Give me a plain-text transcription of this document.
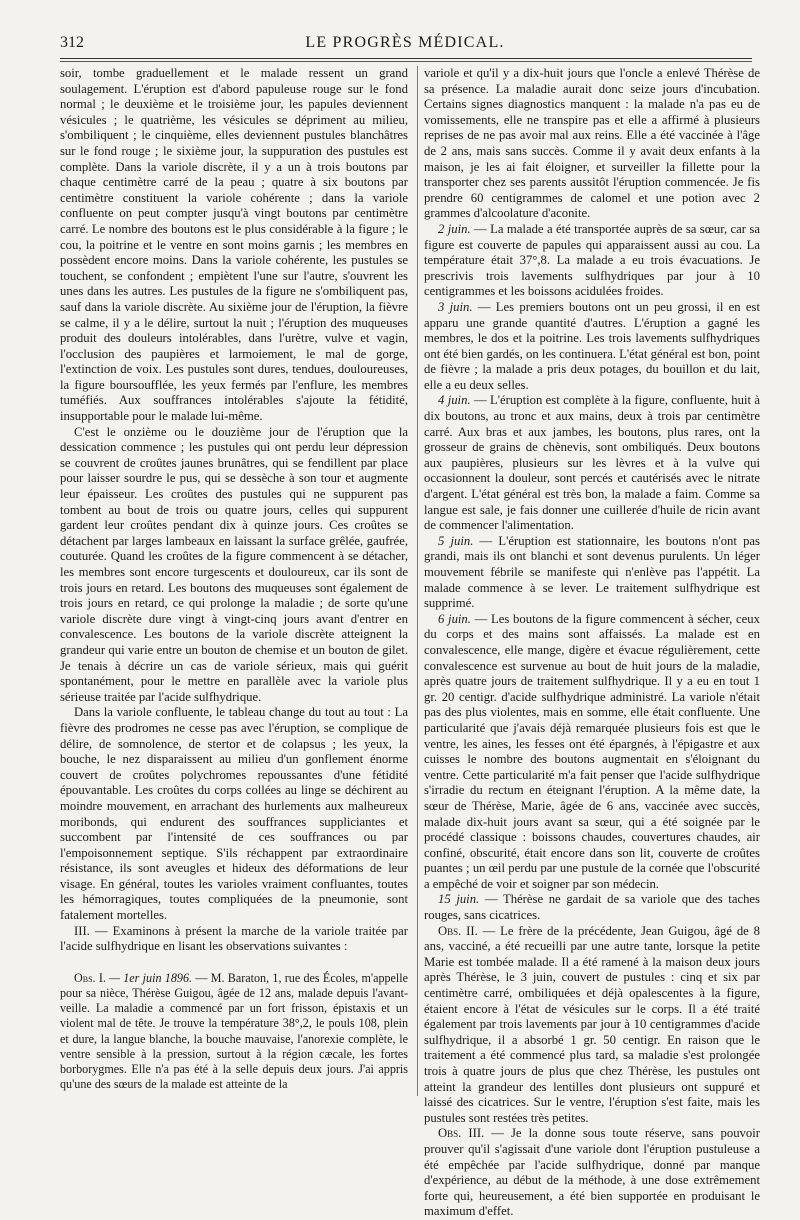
312	LE PROGRÈS MÉDICAL.

soir, tombe graduellement et le malade ressent un grand soulagement. L'éruption est d'abord papuleuse rouge sur le fond normal ; le deuxième et le troisième jour, les papules deviennent vésicules ; le quatrième, les vésicules se dépriment au milieu, s'ombiliquent ; le cinquième, elles deviennent pustules blanchâtres sur le fond rouge ; le sixième jour, la suppuration des pustules est complète. Dans la variole discrète, il y a un à trois boutons par chaque centimètre carré de la peau ; quatre à six boutons par centimètre constituent la variole cohérente ; dans la variole confluente on peut compter jusqu'à vingt boutons par centimètre carré. Le nombre des boutons est le plus considérable à la figure ; le cou, la poitrine et le ventre en sont moins garnis ; les membres en possèdent encore moins. Dans la variole cohérente, les pustules se touchent, se confondent ; empiètent l'une sur l'autre, s'ouvrent les unes dans les autres. Les pustules de la figure ne s'ombiliquent pas, sauf dans la variole discrète. Au sixième jour de l'éruption, la fièvre se calme, il y a le délire, surtout la nuit ; l'éruption des muqueuses produit des douleurs intolérables, dans l'urètre, vulve et vagin, l'occlusion des paupières et larmoiement, le mal de gorge, l'extinction de voix. Les pustules sont dures, tendues, douloureuses, la figure boursoufflée, les yeux fermés par l'enflure, les membres tuméfiés. Aux souffrances intolérables s'ajoute la fétidité, insupportable pour le malade lui-même.

C'est le onzième ou le douzième jour de l'éruption que la dessication commence ; les pustules qui ont perdu leur dépression se couvrent de croûtes jaunes brunâtres, qui se fendillent par place pour laisser sourdre le pus, qui se dessèche à son tour et augmente leur épaisseur. Les croûtes des pustules qui ne suppurent pas tombent au bout de trois ou quatre jours, celles qui suppurent gardent leur croûtes pendant dix à quinze jours. Ces croûtes se détachent par larges lambeaux en laissant la surface grêlée, gaufrée, couturée. Quand les croûtes de la figure commencent à se détacher, les membres sont encore turgescents et douloureux, car ils sont de trois jours en retard. Les boutons des muqueuses sont également de trois jours en retard, ce qui prolonge la maladie ; de sorte qu'une variole discrète dure vingt à vingt-cinq jours avant d'entrer en convalescence. Les boutons de la variole discrète atteignent la grandeur qui varie entre un bouton de chemise et un bouton de gilet. Je tenais à décrire un cas de variole sérieux, mais qui guérit spontanément, pour le mettre en parallèle avec la variole plus sérieuse traitée par l'acide sulfhydrique.

Dans la variole confluente, le tableau change du tout au tout : La fièvre des prodromes ne cesse pas avec l'éruption, se complique de délire, de somnolence, de stertor et de colapsus ; les yeux, la bouche, le nez disparaissent au milieu d'un gonflement énorme couvert de croûtes polychromes repoussantes d'une fétidité épouvantable. Les croûtes du corps collées au linge se déchirent au moindre mouvement, en arrachant des hurlements aux malheureux moribonds, qui endurent des souffrances suppliciantes et succombent par l'intensité de ces souffrances ou par l'empoisonnement septique. S'ils réchappent par extraordinaire résistance, ils sont aveugles et hideux des déformations de leur visage. En général, toutes les varioles vraiment confluantes, toutes les hémorragiques, toutes compliquées de la pneumonie, sont fatalement mortelles.

III. — Examinons à présent la marche de la variole traitée par l'acide sulfhydrique en lisant les observations suivantes :

Obs. I. — 1er juin 1896. — M. Baraton, 1, rue des Écoles, m'appelle pour sa nièce, Thérèse Guigou, âgée de 12 ans, malade depuis l'avant-veille. La maladie a commencé par un fort frisson, épistaxis et un violent mal de tête. Je trouve la température 38°,2, le pouls 108, plein et dure, la langue blanche, la bouche mauvaise, l'anorexie complète, le ventre sensible à la pression, surtout à la région cæcale, les fortes borborygmes. Elle n'a pas été à la selle depuis deux jours. J'ai appris qu'une des sœurs de la malade est atteinte de la

variole et qu'il y a dix-huit jours que l'oncle a enlevé Thérèse de sa présence. La maladie aurait donc seize jours d'incubation. Certains signes diagnostics manquent : la malade n'a pas eu de vomissements, elle ne transpire pas et elle a affirmé à plusieurs reprises de ne pas avoir mal aux reins. Elle a été vaccinée à l'âge de 2 ans, mais sans succès. Comme il y avait deux enfants à la maison, je les ai fait éloigner, et surveiller la fillette pour la transporter chez ses parents aussitôt l'éruption commencée. Je fis prendre 60 centigrammes de calomel et une potion avec 2 grammes d'alcoolature d'aconite.

2 juin. — La malade a été transportée auprès de sa sœur, car sa figure est couverte de papules qui apparaissent aussi au cou. La température était 37°,8. La malade a eu trois évacuations. Je prescrivis trois lavements sulfhydriques par jour à 10 centigrammes et les boissons acidulées froides.

3 juin. — Les premiers boutons ont un peu grossi, il en est apparu une grande quantité d'autres. L'éruption a gagné les membres, le dos et la poitrine. Les trois lavements sulfhydriques ont été bien gardés, on les continuera. L'état général est bon, point de fièvre ; la malade a pris deux potages, du bouillon et du lait, elle a eu deux selles.

4 juin. — L'éruption est complète à la figure, confluente, huit à dix boutons, au tronc et aux mains, deux à trois par centimètre carré. Aux bras et aux jambes, les boutons, plus rares, ont la grosseur de grains de chènevis, sont ombiliqués. Deux boutons aux paupières, plusieurs sur les lèvres et à la vulve qui occasionnent la douleur, sont percés et cautérisés avec le nitrate d'argent. L'état général est très bon, la malade a faim. Comme sa langue est sale, je fais donner une cuillerée d'huile de ricin avant de commencer l'alimentation.

5 juin. — L'éruption est stationnaire, les boutons n'ont pas grandi, mais ils ont blanchi et sont devenus purulents. Un léger mouvement fébrile se manifeste qui n'enlève pas l'appétit. La malade commence à se lever. Le traitement sulfhydrique est supprimé.

6 juin. — Les boutons de la figure commencent à sécher, ceux du corps et des mains sont affaissés. La malade est en convalescence, elle mange, digère et évacue régulièrement, cette convalescence est survenue au bout de huit jours de la maladie, après quatre jours de traitement sulfhydrique. Il y a eu en tout 1 gr. 20 centigr. d'acide sulfhydrique administré. La variole n'était pas des plus violentes, mais en somme, elle était confluente. Une particularité que j'avais déjà remarquée plusieurs fois est que le ventre, les aines, les fesses ont été épargnés, à l'épigastre et aux cuisses le nombre des boutons augmentait en s'éloignant du ventre. Cette particularité m'a fait penser que l'acide sulfhydrique s'irradie du rectum en éteignant l'éruption. A la même date, la sœur de Thérèse, Marie, âgée de 6 ans, vaccinée avec succès, malade dix-huit jours avant sa sœur, qui a été soignée par le procédé classique : boissons chaudes, couvertures chaudes, air confiné, obscurité, était encore dans son lit, couverte de croûtes puantes ; un œil perdu par une pustule de la cornée que l'obscurité a empêché de voir et soigner par son médecin.

15 juin. — Thérèse ne gardait de sa variole que des taches rouges, sans cicatrices.

Obs. II. — Le frère de la précédente, Jean Guigou, âgé de 8 ans, vacciné, a été recueilli par une autre tante, lorsque la petite Marie est tombée malade. Il a été ramené à la maison deux jours après Thérèse, le 3 juin, couvert de pustules : cinq et six par centimètre carré, ombiliquées et déjà opalescentes à la figure, étaient encore à l'état de vésicules sur le corps. Il a été traité également par trois lavements par jour à 10 centigrammes d'acide sulfhydrique, il a absorbé 1 gr. 50 centigr. En raison que le traitement a été commencé plus tard, sa maladie s'est prolongée trois à quatre jours de plus que chez Thérèse, les pustules ont atteint la grandeur des lentilles dont plusieurs ont suppuré et laissé des cicatrices. Sur le ventre, l'éruption s'est faite, mais les pustules sont restées très petites.

Obs. III. — Je la donne sous toute réserve, sans pouvoir prouver qu'il s'agissait d'une variole dont l'éruption pustuleuse a été empêchée par l'acide sulfhydrique, donné par manque d'expérience, au début de la méthode, à une dose extrêmement forte qui, heureusement, a été bien supportée en produisant le maximum d'effet.
